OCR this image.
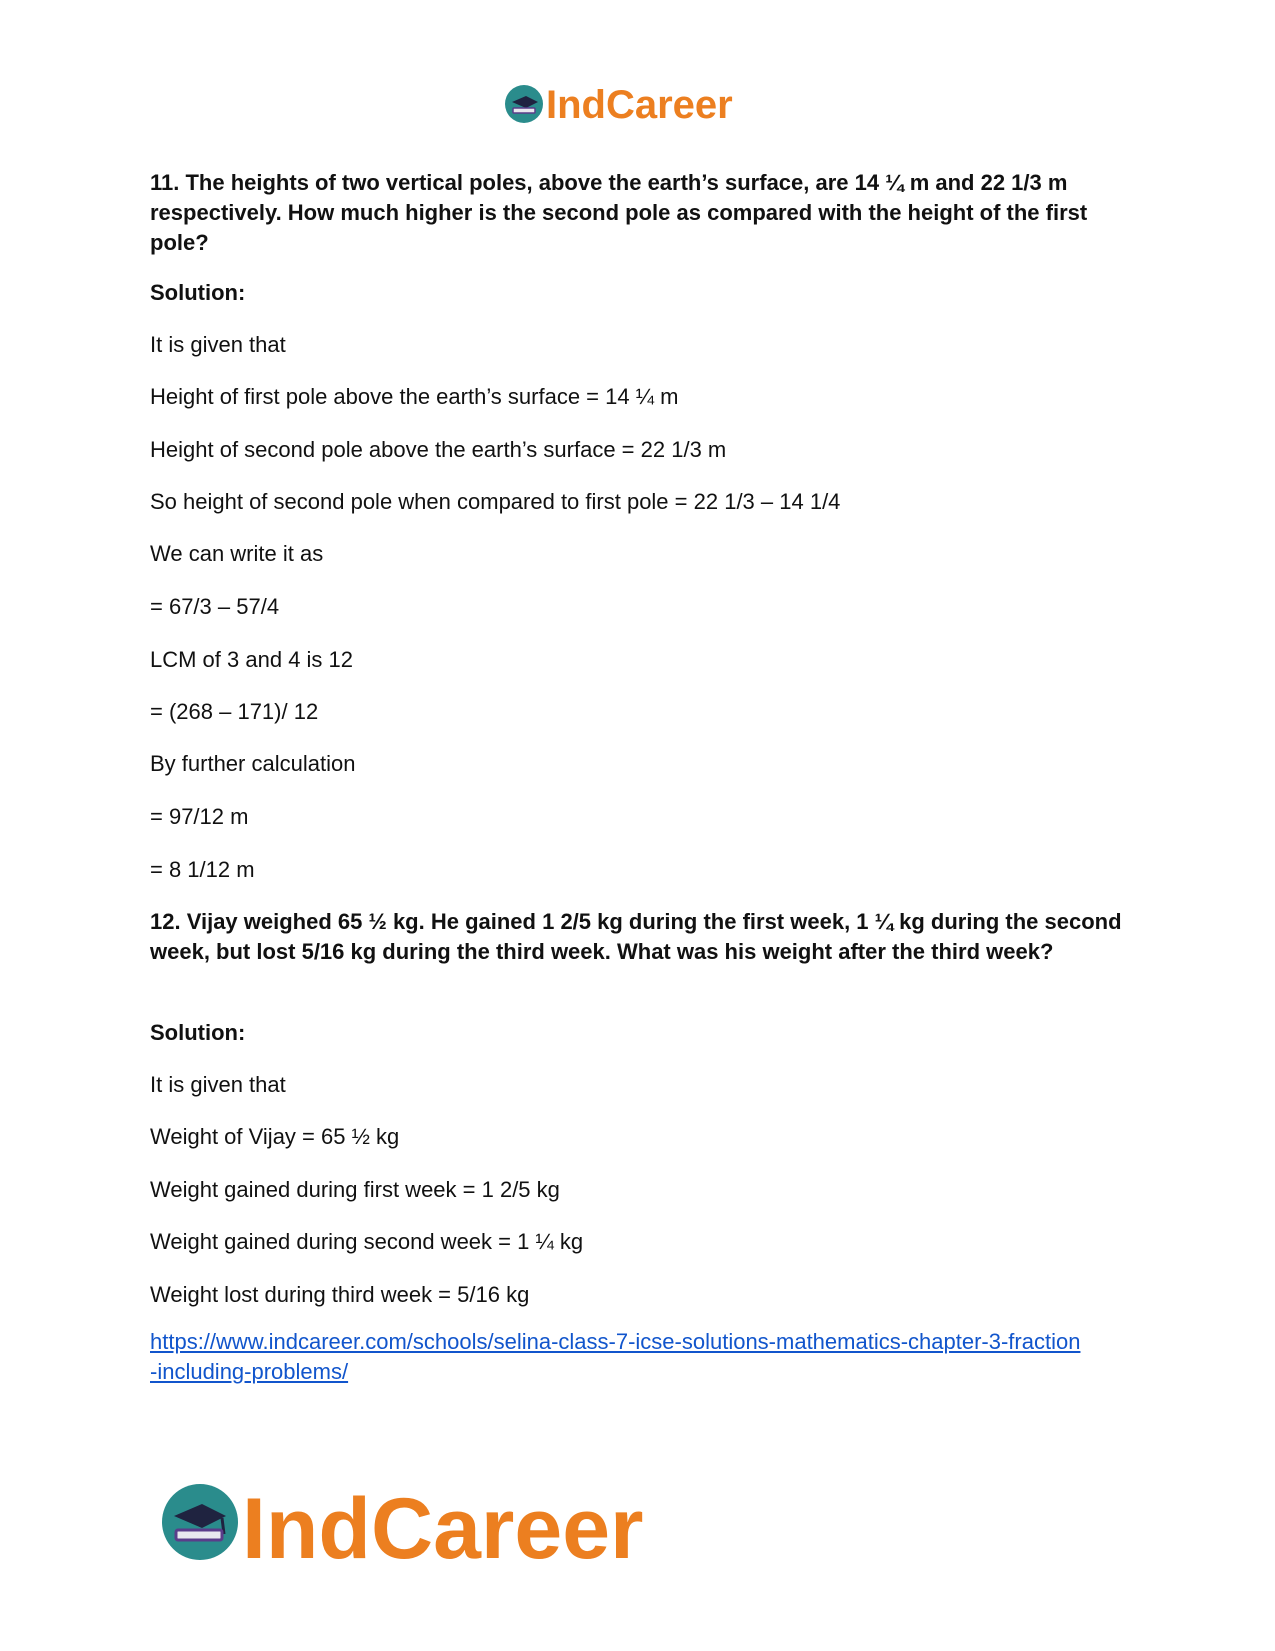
IndCareer
11. The heights of two vertical poles, above the earth’s surface, are 14 ¼ m and 22 1/3 m respectively. How much higher is the second pole as compared with the height of the first pole?
Solution:
It is given that
Height of first pole above the earth’s surface = 14 ¼ m
Height of second pole above the earth’s surface = 22 1/3 m
So height of second pole when compared to first pole = 22 1/3 – 14 1/4
We can write it as
= 67/3 – 57/4
LCM of 3 and 4 is 12
= (268 – 171)/ 12
By further calculation
= 97/12 m
= 8 1/12 m
12. Vijay weighed 65 ½ kg. He gained 1 2/5 kg during the first week, 1 ¼ kg during the second week, but lost 5/16 kg during the third week. What was his weight after the third week?
Solution:
It is given that
Weight of Vijay = 65 ½ kg
Weight gained during first week = 1 2/5 kg
Weight gained during second week = 1 ¼ kg
Weight lost during third week = 5/16 kg
https://www.indcareer.com/schools/selina-class-7-icse-solutions-mathematics-chapter-3-fraction
-including-problems/
IndCareer
